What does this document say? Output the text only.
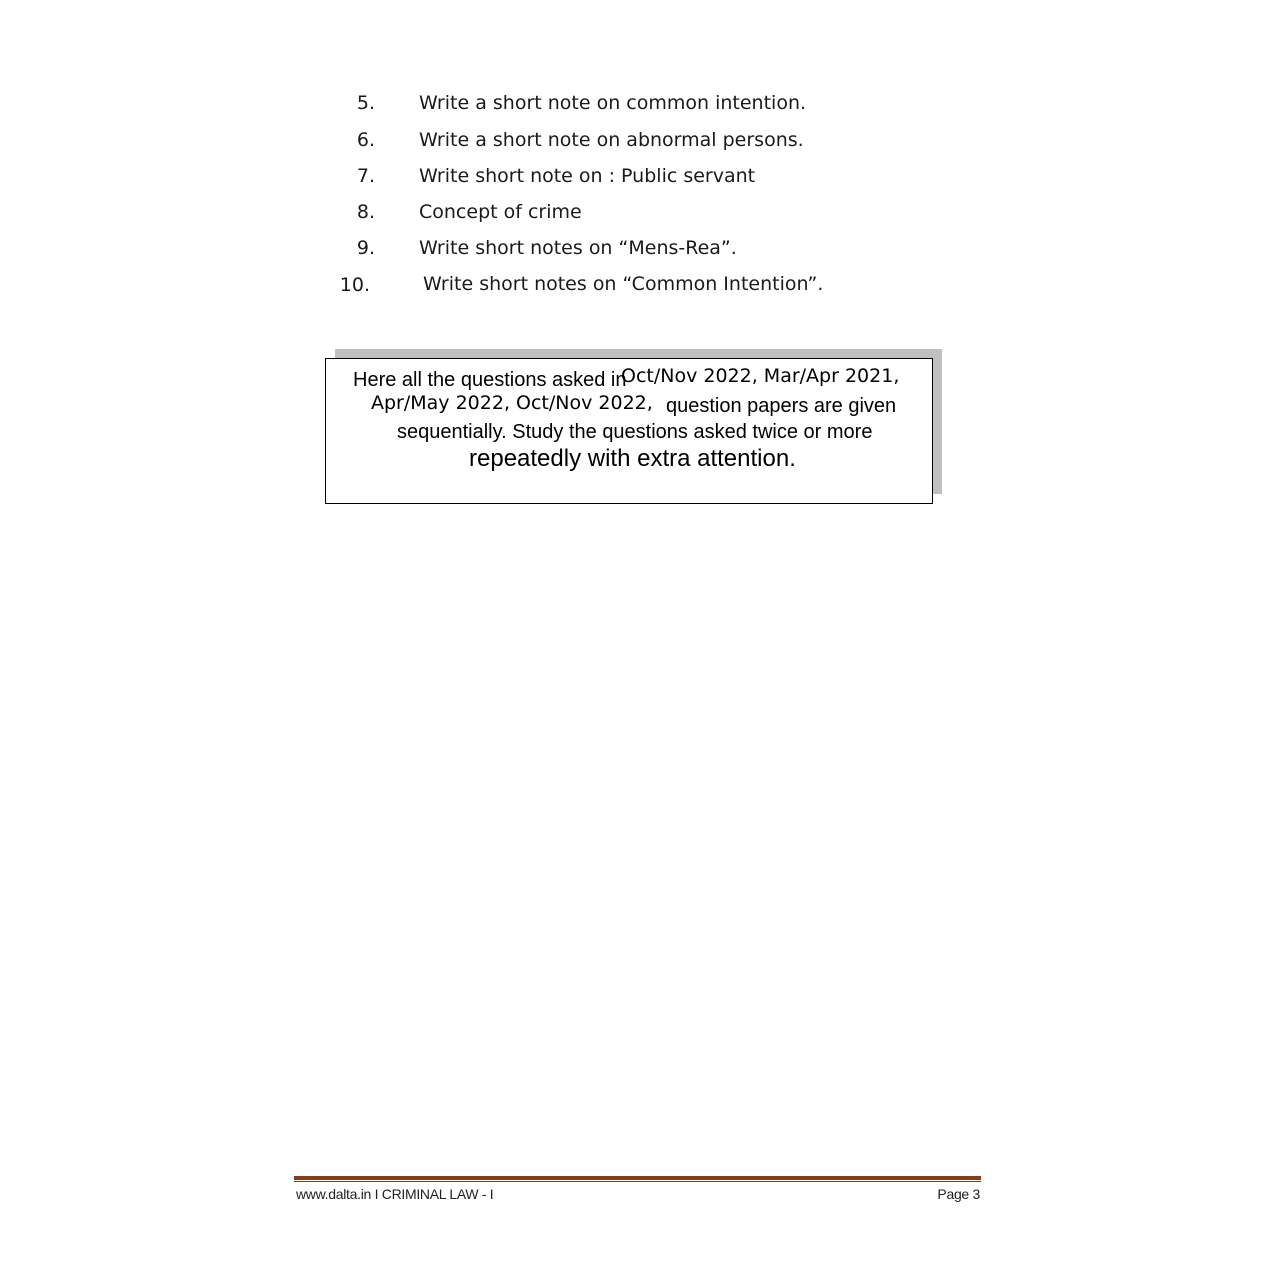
5. Write a short note on common intention.
6. Write a short note on abnormal persons.
7. Write short note on : Public servant
8. Concept of crime
9. Write short notes on “Mens-Rea”.
10.	Write short notes on “Common Intention”.
Here all the questions asked in
Oct/Nov 2022, Mar/Apr 2021,
Apr/May 2022, Oct/Nov 2022, question papers are given
sequentially. Study the questions asked twice or more
repeatedly with extra attention.
www.dalta.in I CRIMINAL LAW - I	Page 3
